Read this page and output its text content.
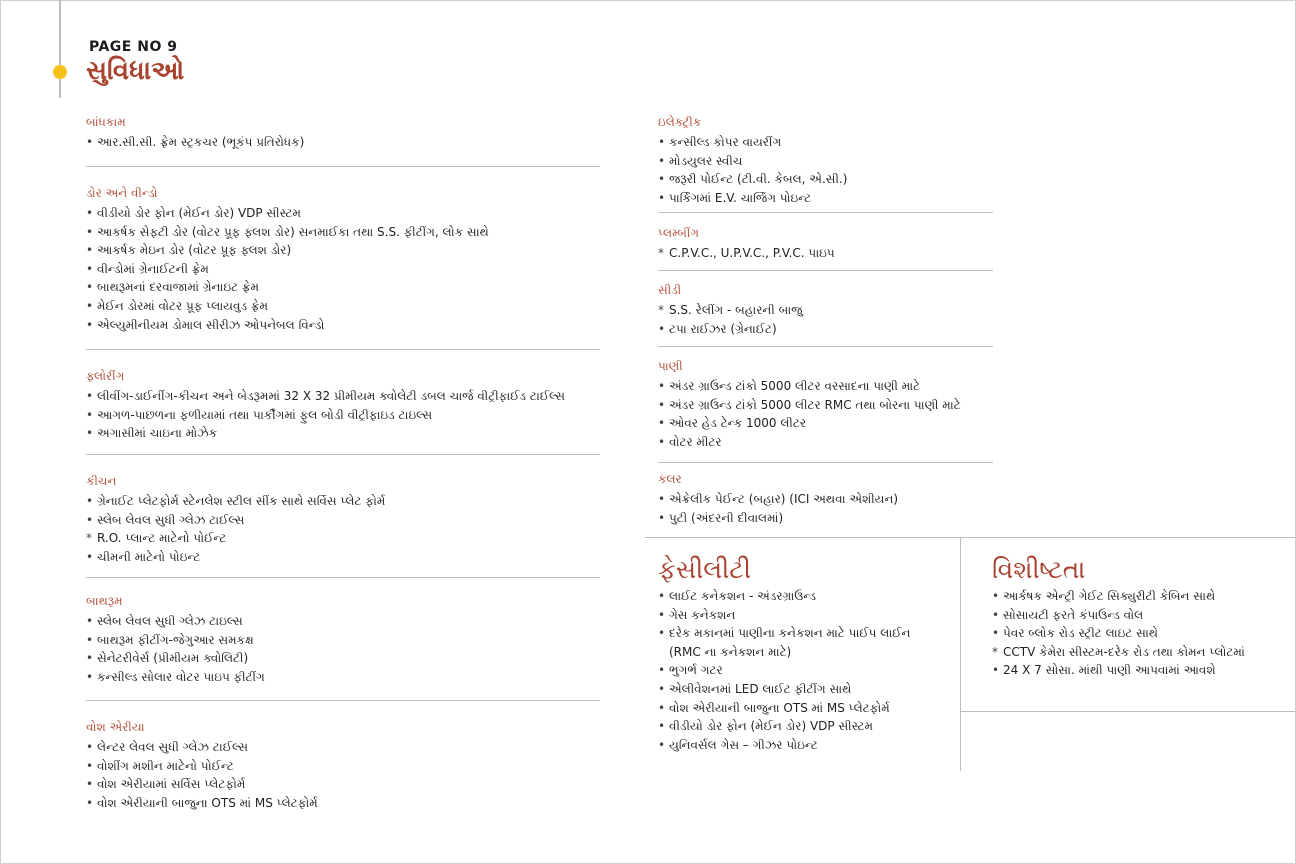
PAGE NO 9
સુવિધાઓ
બાંધકામ
• આર.સી.સી. ફ્રેમ સ્ટ્રકચર (ભૂકંપ પ્રતિરોધક)
ડોર અને વીન્ડો
• વીડીયો ડોર ફોન (મેઈન ડોર) VDP સીસ્ટમ
• આકર્ષક સેફટી ડોર (વોટર પ્રૂફ ફ્લશ ડોર) સનમાઈકા તથા S.S. ફીટીંગ, લોક સાથે
• આકર્ષક મેઇન ડોર (વોટર પ્રૂફ ફ્લશ ડોર)
• વીન્ડોમાં ગ્રેનાઈટની ફ્રેમ
• બાથરૂમનાં દરવાજામાં ગ્રેનાઇટ ફ્રેમ
• મેઈન ડોરમાં વોટર પ્રૂફ પ્લાયવુડ ફ્રેમ
• એલ્યુમીનીયમ ડોમાલ સીરીઝ ઓપનેબલ વિન્ડો
ફ્લોરીંગ
• લીવીંગ-ડાઈનીંગ-કીચન અને બેડરૂમમાં 32 X 32 પ્રીમીયમ ક્વોલેટી ડબલ ચાર્જ વીટ્રીફાઈડ ટાઈલ્સ
• આગળ-પાછળના ફળીયામાં તથા પાર્કીંગમાં ફુલ બોડી વીટ્રીફાઇડ ટાઇલ્સ
• અગાસીમાં ચાઇના મોઝેક
કીચન
• ગ્રેનાઈટ પ્લેટફોર્મ સ્ટેનલેશ સ્ટીલ સીંક સાથે સર્વિસ પ્લેટ ફોર્મ
• સ્લેબ લેવલ સુધી ગ્લેઝ ટાઈલ્સ
* R.O. પ્લાન્ટ માટેનો પોઈન્ટ
• ચીમની માટેનો પોઇન્ટ
બાથરૂમ
• સ્લેબ લેવલ સુધી ગ્લેઝ ટાઇલ્સ
• બાથરૂમ ફીટીંગ-જેગુઆર સમકક્ષ
• સેનેટરીવેર્સ (પ્રીમીયમ ક્વોલિટી)
• કન્સીલ્ડ સોલાર વોટર પાઇપ ફીટીંગ
વોશ એરીયા
• લેન્ટર લેવલ સુધી ગ્લેઝ ટાઈલ્સ
• વોશીંગ મશીન માટેનો પોઈન્ટ
• વોશ એરીયામાં સર્વિસ પ્લેટફોર્મ
• વોશ એરીયાની બાજુના OTS માં MS પ્લેટફોર્મ
ઇલેક્ટ્રીક
• કન્સીલ્ડ કોપર વાયરીંગ
• મોડયુલર સ્વીચ
• જરૂરી પોઈન્ટ (ટી.વી. કેબલ, એ.સી.)
• પાર્કિંગમાં E.V. ચાર્જિંગ પોઇન્ટ
પ્લમ્બીંગ
* C.P.V.C., U.P.V.C., P.V.C. પાઇપ
સીડી
* S.S. રેલીંગ - બહારની બાજુ
• ટપા રાઈઝર (ગ્રેનાઈટ)
પાણી
• અંડર ગ્રાઉન્ડ ટાંકો 5000 લીટર વરસાદના પાણી માટે
• અંડર ગ્રાઉન્ડ ટાંકો 5000 લીટર RMC તથા બોરના પાણી માટે
• ઓવર હેડ ટેન્ક 1000 લીટર
• વોટર મીટર
કલર
• એક્રેલીક પેઈન્ટ (બહાર) (ICI અથવા એશીયન)
• પુટી (અંદરની દીવાલમાં)
ફેસીલીટી
• લાઈટ કનેકશન - અંડરગ્રાઉન્ડ
• ગેસ કનેકશન
• દરેક મકાનમાં પાણીના કનેકશન માટે પાઈપ લાઈન
(RMC ના કનેકશન માટે)
• ભુગર્ભ ગટર
• એલીવેશનમાં LED લાઈટ ફીટીંગ સાથે
• વોશ એરીયાની બાજુના OTS માં MS પ્લેટફોર્મ
• વીડીયો ડોર ફોન (મેઈન ડોર) VDP સીસ્ટમ
• યુનિવર્સલ ગેસ – ગીઝર પોઇન્ટ
વિશીષ્ટતા
• આર્કષક એન્ટ્રી ગેઈટ સિક્યુરીટી કેબિન સાથે
• સોસાયટી ફરતે કંપાઉન્ડ વોલ
• પેવર બ્લોક રોડ સ્ટ્રીટ લાઇટ સાથે
* CCTV કેમેરા સીસ્ટમ-દરેક રોડ તથા કોમન પ્લોટમાં
• 24 X 7 સોસા. માંથી પાણી આપવામાં આવશે
